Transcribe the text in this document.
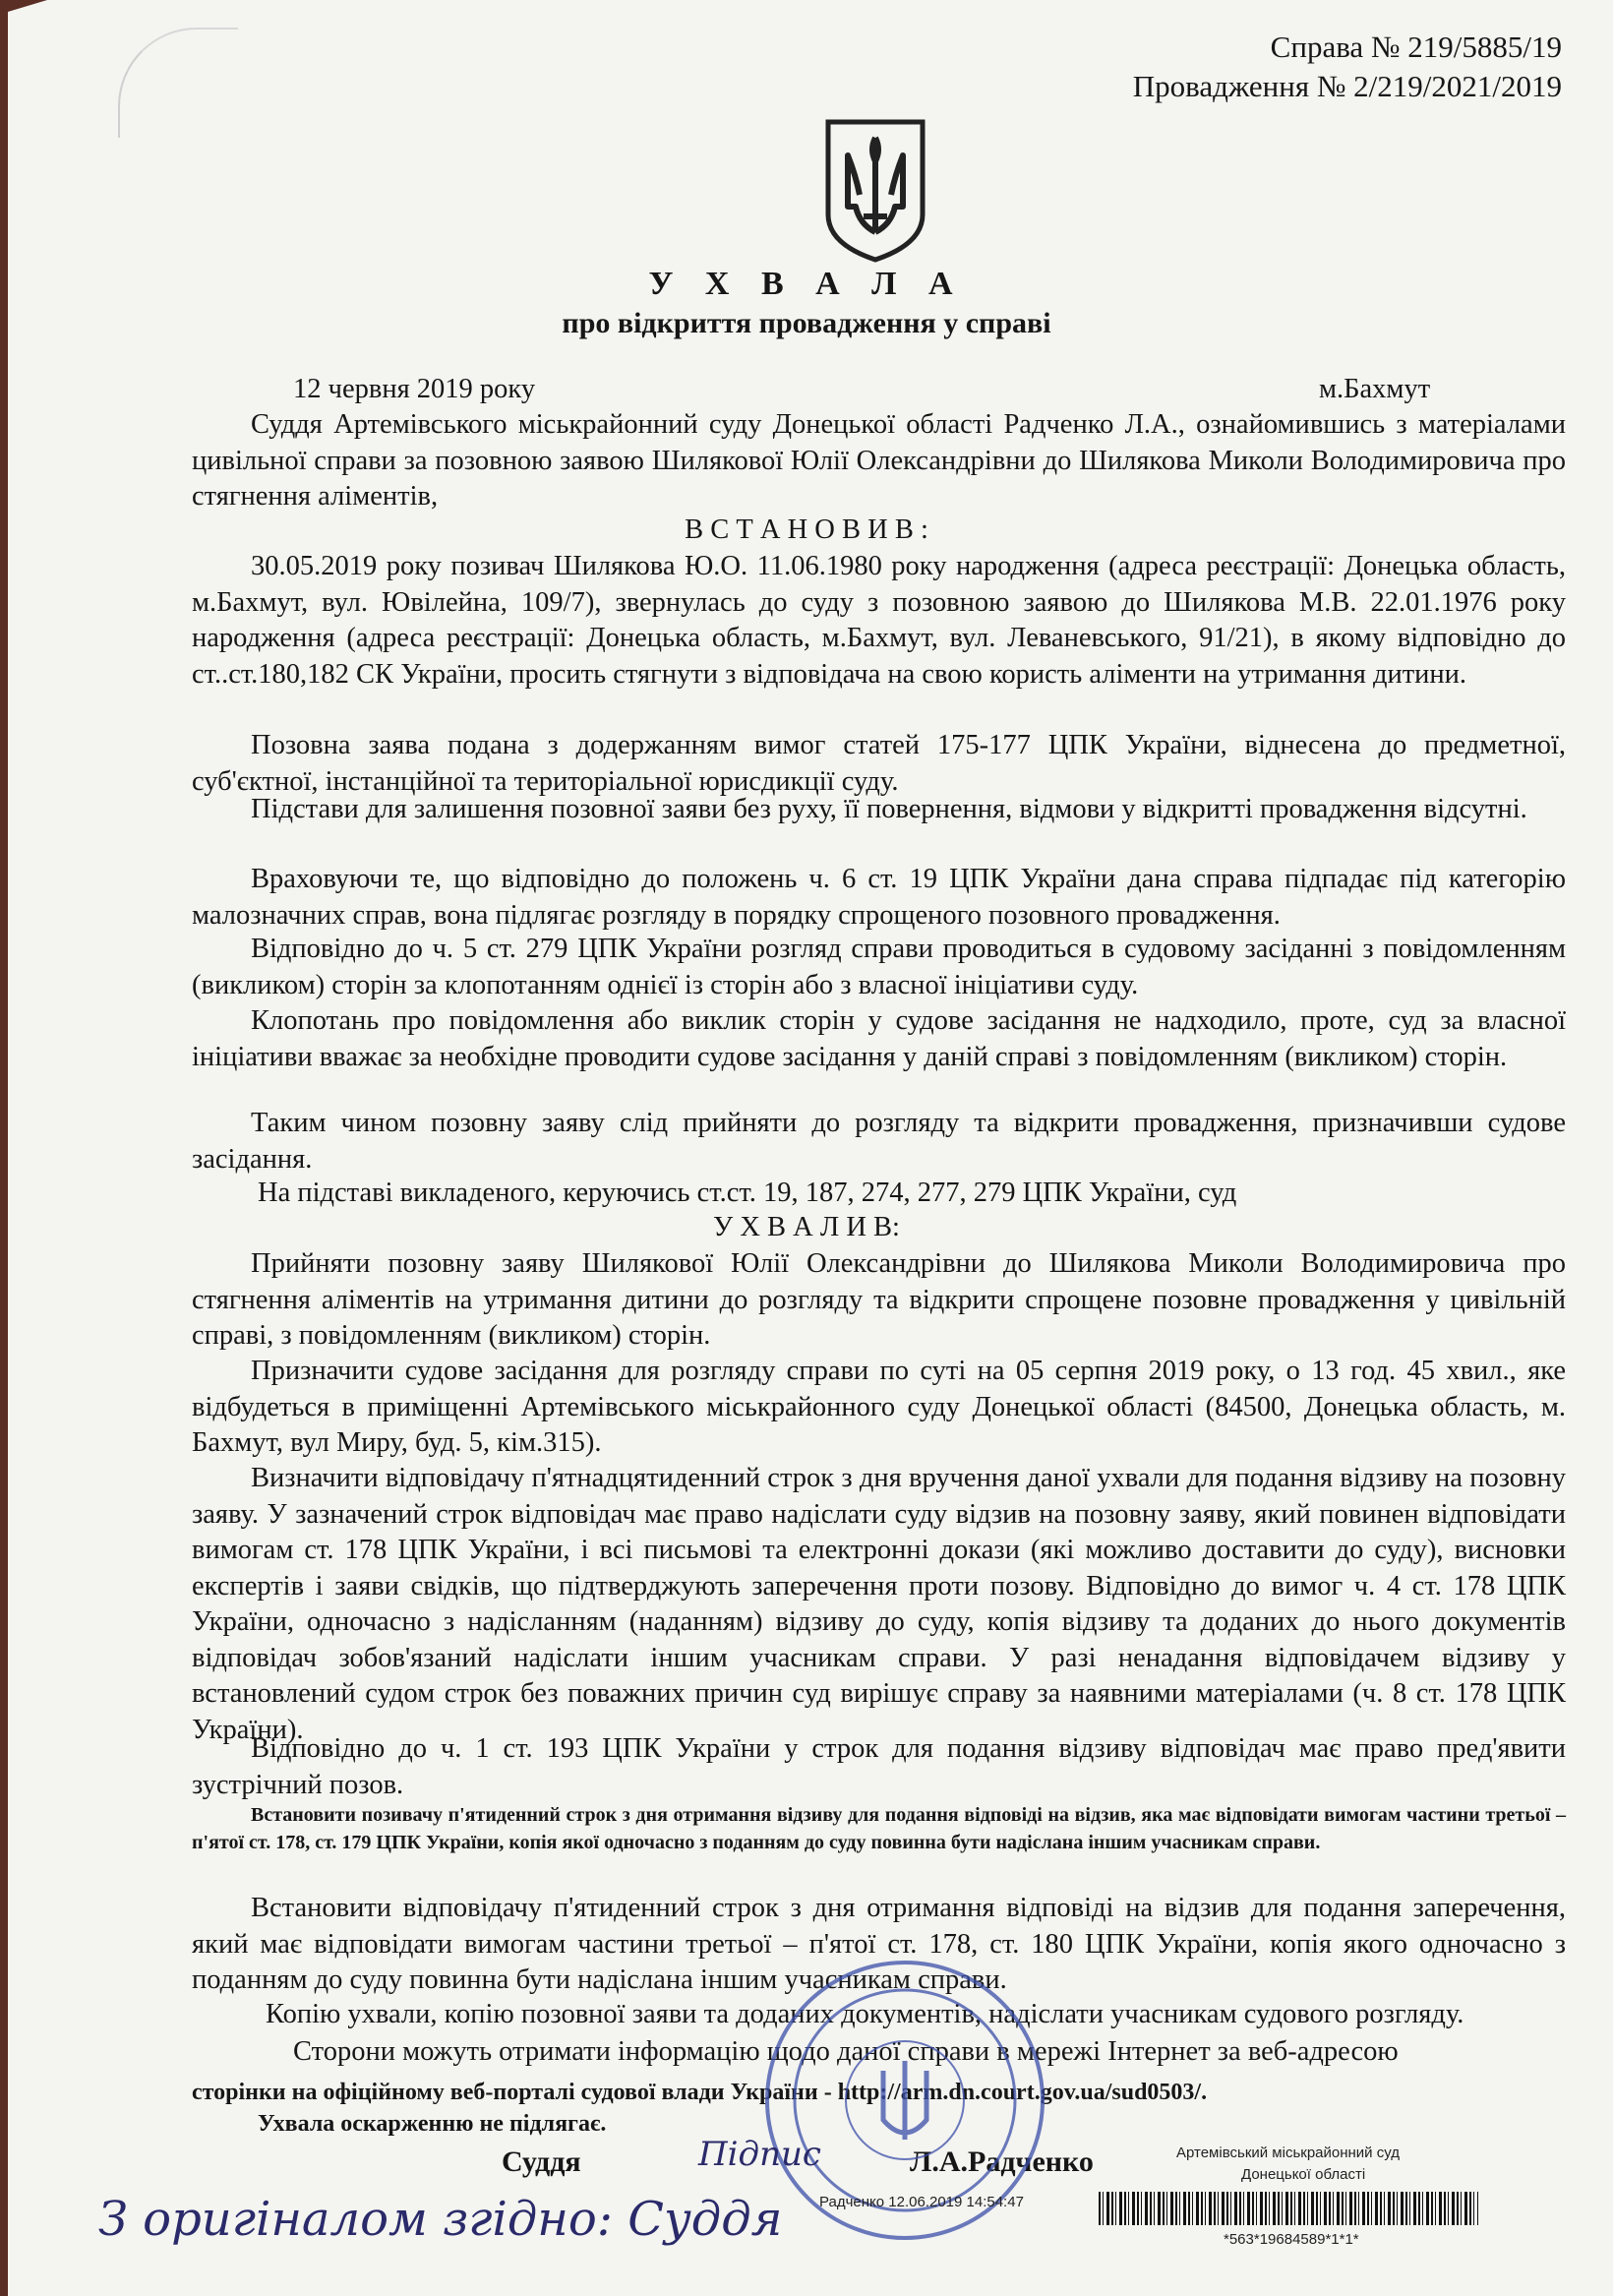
Справа № 219/5885/19
Провадження № 2/219/2021/2019
У Х В А Л А
про відкриття провадження у справі
12 червня 2019 року	м.Бахмут
Суддя Артемівського міськрайонний суду Донецької області Радченко Л.А., ознайомившись з матеріалами цивільної справи за позовною заявою Шилякової Юлії Олександрівни до Шилякова Миколи Володимировича про стягнення аліментів,
В С Т А Н О В И В :
30.05.2019 року позивач Шилякова Ю.О. 11.06.1980 року народження (адреса реєстрації: Донецька область, м.Бахмут, вул. Ювілейна, 109/7), звернулась до суду з позовною заявою до Шилякова М.В. 22.01.1976 року народження (адреса реєстрації: Донецька область, м.Бахмут, вул. Леваневського, 91/21), в якому відповідно до ст..ст.180,182 СК України, просить стягнути з відповідача на свою користь аліменти на утримання дитини.
Позовна заява подана з додержанням вимог статей 175-177 ЦПК України, віднесена до предметної, суб'єктної, інстанційної та територіальної юрисдикції суду.
Підстави для залишення позовної заяви без руху, її повернення, відмови у відкритті провадження відсутні.
Враховуючи те, що відповідно до положень ч. 6 ст. 19 ЦПК України дана справа підпадає під категорію малозначних справ, вона підлягає розгляду в порядку спрощеного позовного провадження.
Відповідно до ч. 5 ст. 279 ЦПК України розгляд справи проводиться в судовому засіданні з повідомленням (викликом) сторін за клопотанням однієї із сторін або з власної ініціативи суду.
Клопотань про повідомлення або виклик сторін у судове засідання не надходило, проте, суд за власної ініціативи вважає за необхідне проводити судове засідання у даній справі з повідомленням (викликом) сторін.
Таким чином позовну заяву слід прийняти до розгляду та відкрити провадження, призначивши судове засідання.
На підставі викладеного, керуючись ст.ст. 19, 187, 274, 277, 279 ЦПК України, суд
У Х В А Л И В:
Прийняти позовну заяву Шилякової Юлії Олександрівни до Шилякова Миколи Володимировича про стягнення аліментів на утримання дитини до розгляду та відкрити спрощене позовне провадження у цивільній справі, з повідомленням (викликом) сторін.
Призначити судове засідання для розгляду справи по суті на 05 серпня 2019 року, о 13 год. 45 хвил., яке відбудеться в приміщенні Артемівського міськрайонного суду Донецької області (84500, Донецька область, м. Бахмут, вул Миру, буд. 5, кім.315).
Визначити відповідачу п'ятнадцятиденний строк з дня вручення даної ухвали для подання відзиву на позовну заяву. У зазначений строк відповідач має право надіслати суду відзив на позовну заяву, який повинен відповідати вимогам ст. 178 ЦПК України, і всі письмові та електронні докази (які можливо доставити до суду), висновки експертів і заяви свідків, що підтверджують заперечення проти позову. Відповідно до вимог ч. 4 ст. 178 ЦПК України, одночасно з надісланням (наданням) відзиву до суду, копія відзиву та доданих до нього документів відповідач зобов'язаний надіслати іншим учасникам справи. У разі ненадання відповідачем відзиву у встановлений судом строк без поважних причин суд вирішує справу за наявними матеріалами (ч. 8 ст. 178 ЦПК України).
Відповідно до ч. 1 ст. 193 ЦПК України у строк для подання відзиву відповідач має право пред'явити зустрічний позов.
Встановити позивачу п'ятиденний строк з дня отримання відзиву для подання відповіді на відзив, яка має відповідати вимогам частини третьої – п'ятої ст. 178, ст. 179 ЦПК України, копія якої одночасно з поданням до суду повинна бути надіслана іншим учасникам справи.
Встановити відповідачу п'ятиденний строк з дня отримання відповіді на відзив для подання заперечення, який має відповідати вимогам частини третьої – п'ятої ст. 178, ст. 180 ЦПК України, копія якого одночасно з поданням до суду повинна бути надіслана іншим учасникам справи.
Копію ухвали, копію позовної заяви та доданих документів, надіслати учасникам судового розгляду.
Сторони можуть отримати інформацію щодо даної справи в мережі Інтернет за веб-адресою
сторінки на офіційному веб-порталі судової влади України - http://arm.dn.court.gov.ua/sud0503/.
Ухвала оскарженню не підлягає.
Суддя	Л.А.Радченко
Підпис	Артемівський міськрайонний суд
Донецької області
Радченко 12.06.2019 14:54:47
*563*19684589*1*1*
З оригіналом згідно: Суддя
